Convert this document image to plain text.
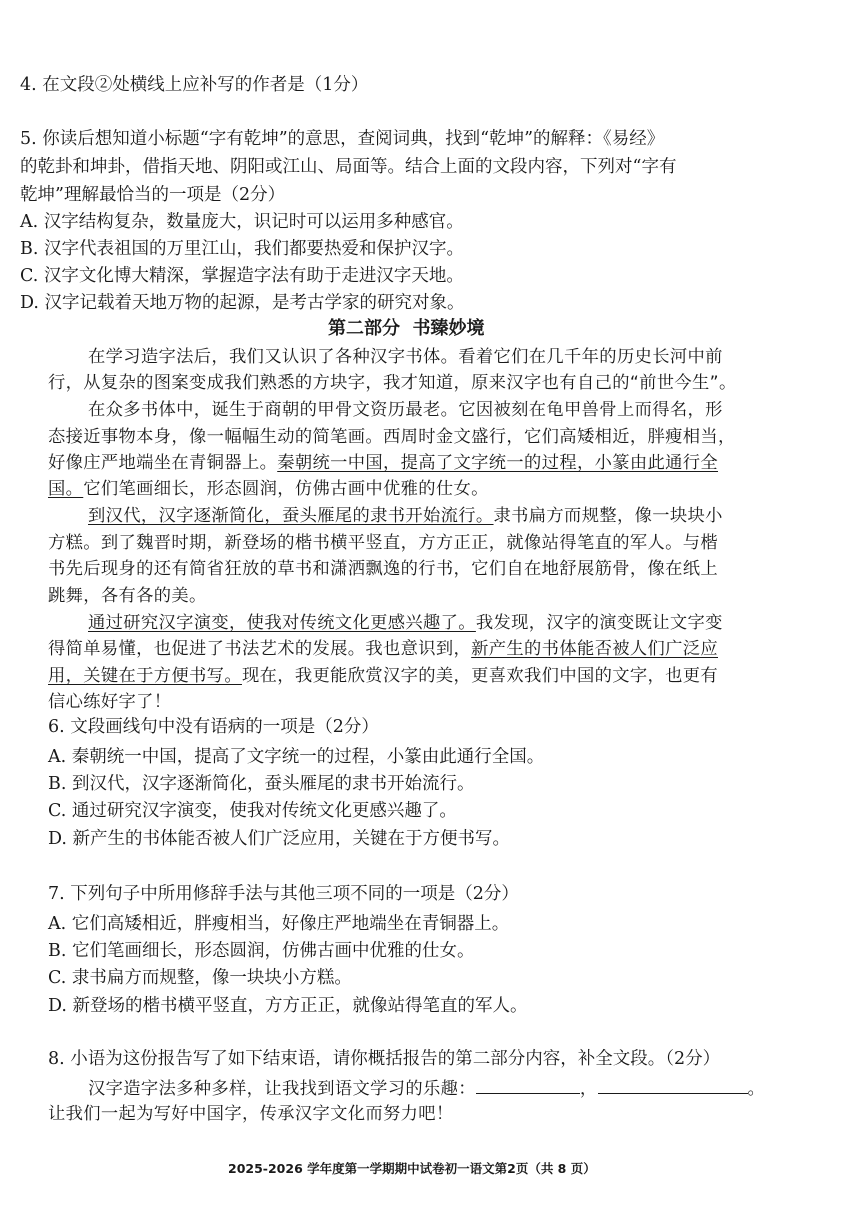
4. 在文段②处横线上应补写的作者是（1分）
5. 你读后想知道小标题“字有乾坤”的意思，查阅词典，找到“乾坤”的解释：《易经》
的乾卦和坤卦，借指天地、阴阳或江山、局面等。结合上面的文段内容，下列对“字有
乾坤”理解最恰当的一项是（2分）
A. 汉字结构复杂，数量庞大，识记时可以运用多种感官。
B. 汉字代表祖国的万里江山，我们都要热爱和保护汉字。
C. 汉字文化博大精深，掌握造字法有助于走进汉字天地。
D. 汉字记载着天地万物的起源，是考古学家的研究对象。
第二部分  书臻妙境
在学习造字法后，我们又认识了各种汉字书体。看着它们在几千年的历史长河中前
行，从复杂的图案变成我们熟悉的方块字，我才知道，原来汉字也有自己的“前世今生”。
在众多书体中，诞生于商朝的甲骨文资历最老。它因被刻在龟甲兽骨上而得名，形
态接近事物本身，像一幅幅生动的简笔画。西周时金文盛行，它们高矮相近，胖瘦相当，
好像庄严地端坐在青铜器上。秦朝统一中国，提高了文字统一的过程，小篆由此通行全
国。它们笔画细长，形态圆润，仿佛古画中优雅的仕女。
到汉代，汉字逐渐简化，蚕头雁尾的隶书开始流行。隶书扁方而规整，像一块块小
方糕。到了魏晋时期，新登场的楷书横平竖直，方方正正，就像站得笔直的军人。与楷
书先后现身的还有简省狂放的草书和潇洒飘逸的行书，它们自在地舒展筋骨，像在纸上
跳舞，各有各的美。
通过研究汉字演变，使我对传统文化更感兴趣了。我发现，汉字的演变既让文字变
得简单易懂，也促进了书法艺术的发展。我也意识到，新产生的书体能否被人们广泛应
用，关键在于方便书写。现在，我更能欣赏汉字的美，更喜欢我们中国的文字，也更有
信心练好字了！
6. 文段画线句中没有语病的一项是（2分）
A. 秦朝统一中国，提高了文字统一的过程，小篆由此通行全国。
B. 到汉代，汉字逐渐简化，蚕头雁尾的隶书开始流行。
C. 通过研究汉字演变，使我对传统文化更感兴趣了。
D. 新产生的书体能否被人们广泛应用，关键在于方便书写。
7. 下列句子中所用修辞手法与其他三项不同的一项是（2分）
A. 它们高矮相近，胖瘦相当，好像庄严地端坐在青铜器上。
B. 它们笔画细长，形态圆润，仿佛古画中优雅的仕女。
C. 隶书扁方而规整，像一块块小方糕。
D. 新登场的楷书横平竖直，方方正正，就像站得笔直的军人。
8. 小语为这份报告写了如下结束语，请你概括报告的第二部分内容，补全文段。（2分）
汉字造字法多种多样，让我找到语文学习的乐趣：	，	。
让我们一起为写好中国字，传承汉字文化而努力吧！
2025-2026 学年度第一学期期中试卷初一语文第2页（共 8 页）
